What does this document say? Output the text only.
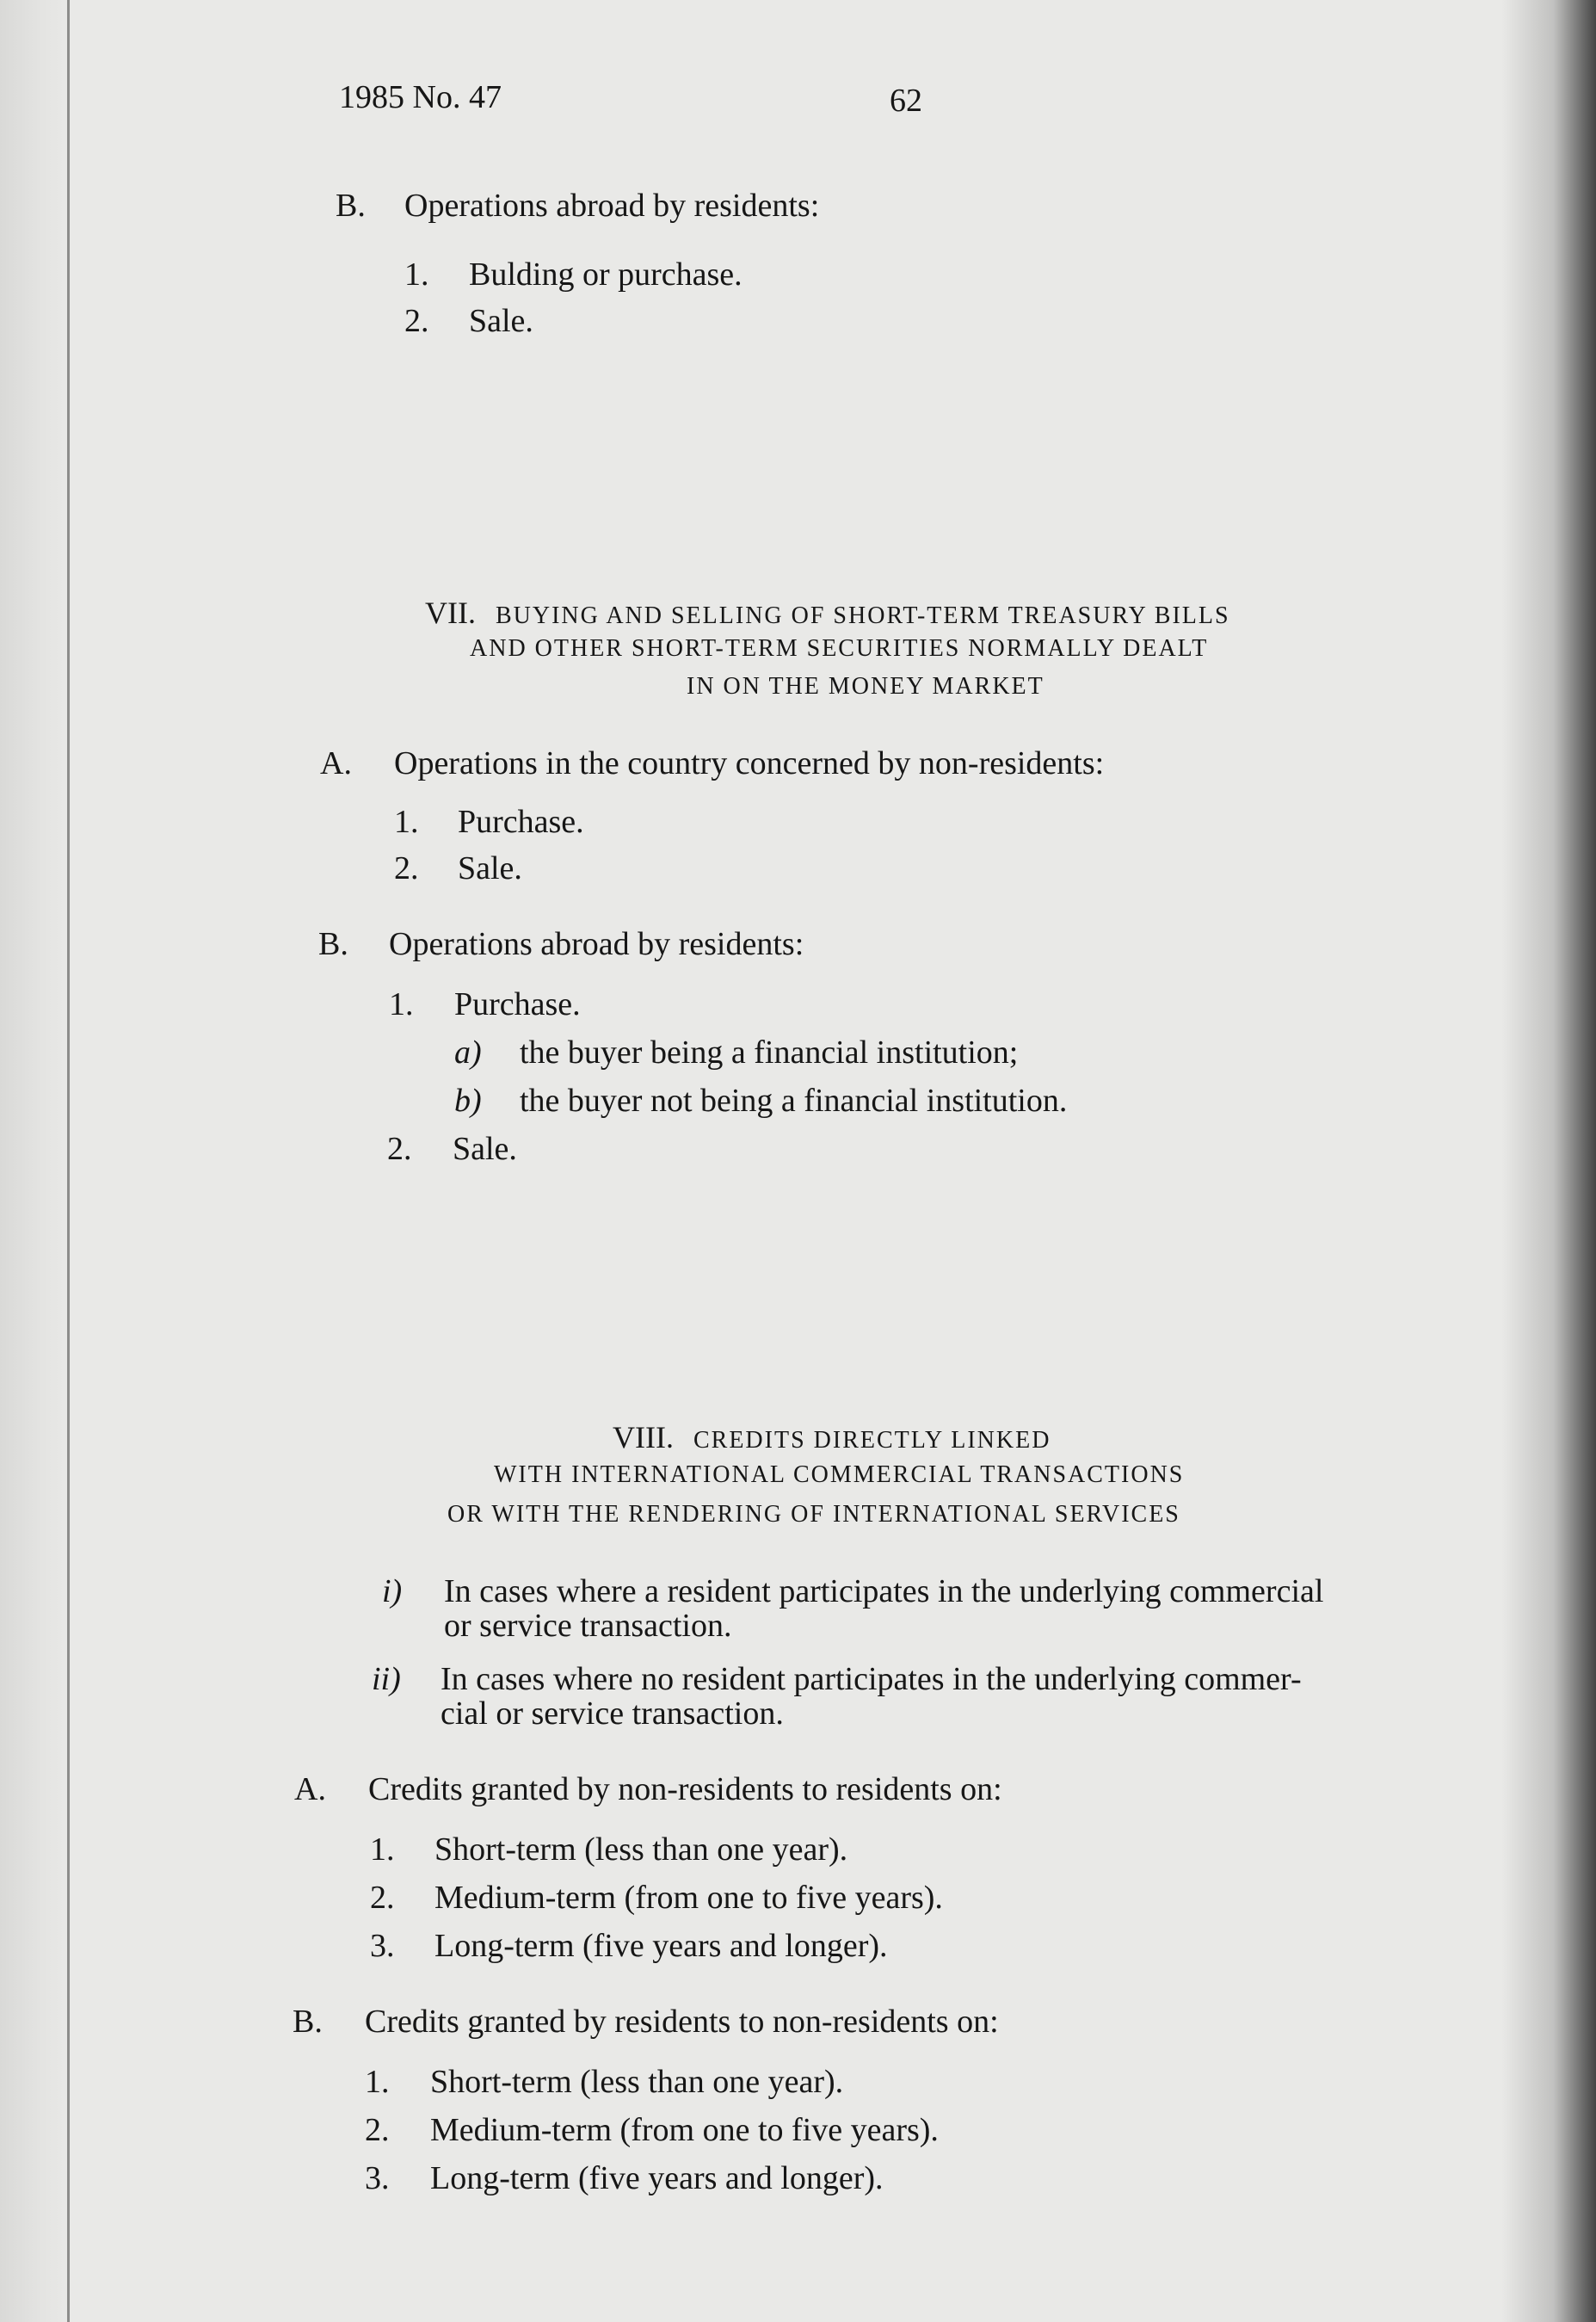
1985 No. 47	62
B. Operations abroad by residents:
1. Bulding or purchase.
2. Sale.
VII. BUYING AND SELLING OF SHORT-TERM TREASURY BILLS
AND OTHER SHORT-TERM SECURITIES NORMALLY DEALT
IN ON THE MONEY MARKET
A. Operations in the country concerned by non-residents:
1. Purchase.
2. Sale.
B. Operations abroad by residents:
1. Purchase.
a) the buyer being a financial institution;
b) the buyer not being a financial institution.
2. Sale.
VIII. CREDITS DIRECTLY LINKED
WITH INTERNATIONAL COMMERCIAL TRANSACTIONS
OR WITH THE RENDERING OF INTERNATIONAL SERVICES
i) In cases where a resident participates in the underlying commercial
or service transaction.
ii) In cases where no resident participates in the underlying commer-
cial or service transaction.
A. Credits granted by non-residents to residents on:
1. Short-term (less than one year).
2. Medium-term (from one to five years).
3. Long-term (five years and longer).
B. Credits granted by residents to non-residents on:
1. Short-term (less than one year).
2. Medium-term (from one to five years).
3. Long-term (five years and longer).
